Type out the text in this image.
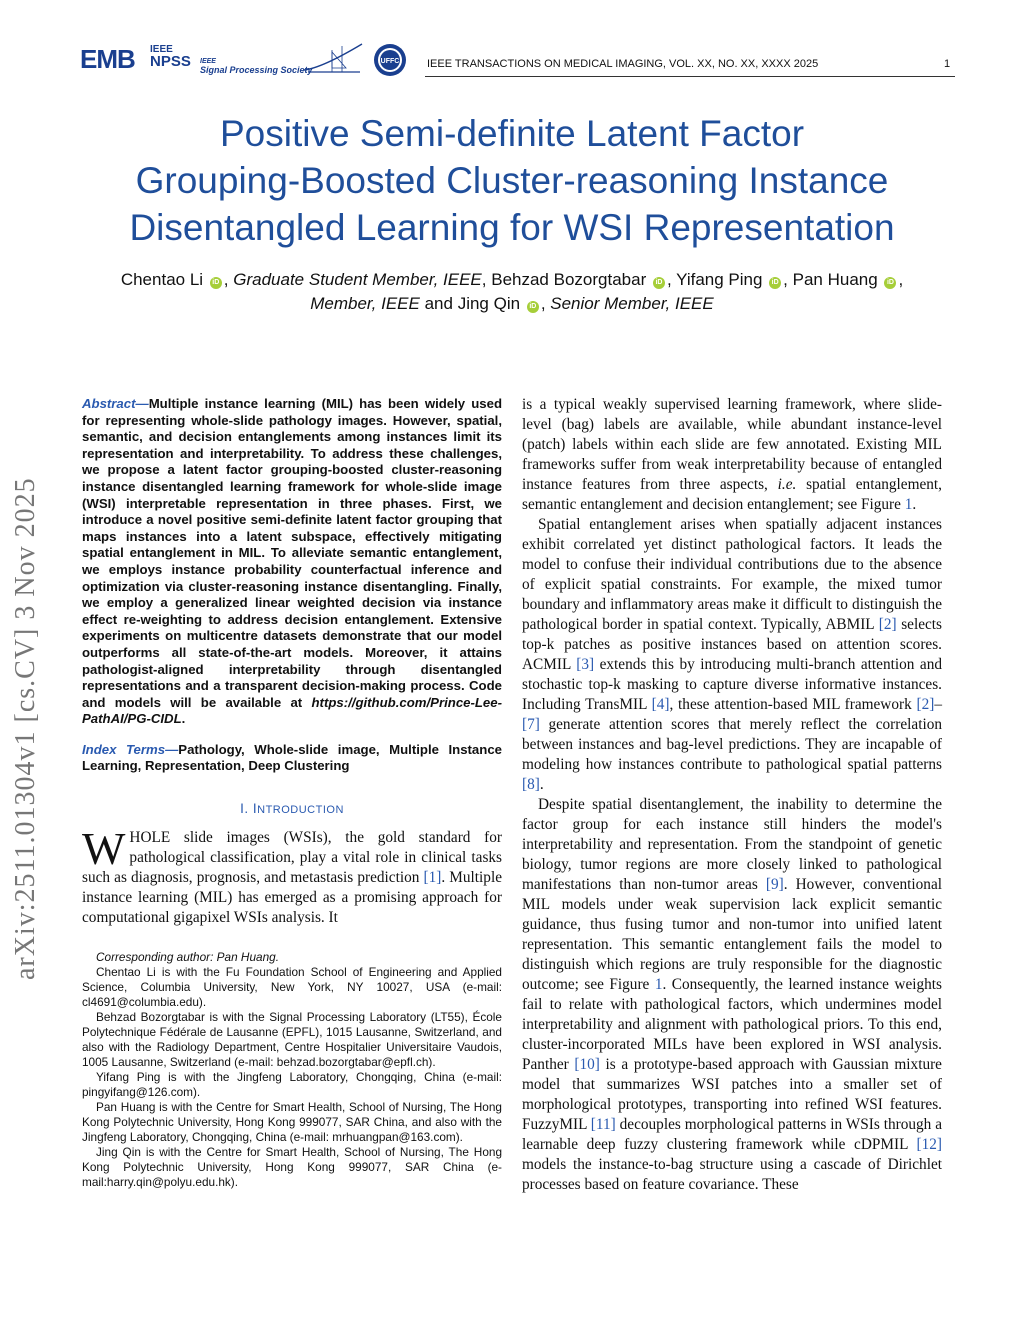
EMB IEEE
NPSS IEEE
Signal Processing Society
UFFC	IEEE TRANSACTIONS ON MEDICAL IMAGING, VOL. XX, NO. XX, XXXX 2025	1
Positive Semi-definite Latent Factor
Grouping-Boosted Cluster-reasoning Instance
Disentangled Learning for WSI Representation
Chentao Li iD , Graduate Student Member, IEEE, Behzad Bozorgtabar iD , Yifang Ping iD , Pan Huang iD ,
Member, IEEE and Jing Qin iD , Senior Member, IEEE
arXiv:2511.01304v1 [cs.CV] 3 Nov 2025
Abstract—Multiple instance learning (MIL) has been widely used for representing whole-slide pathology images. However, spatial, semantic, and decision entanglements among instances limit its representation and interpretability. To address these challenges, we propose a latent factor grouping-boosted cluster-reasoning instance disentangled learning framework for whole-slide image (WSI) interpretable representation in three phases. First, we introduce a novel positive semi-definite latent factor grouping that maps instances into a latent subspace, effectively mitigating spatial entanglement in MIL. To alleviate semantic entanglement, we employs instance probability counterfactual inference and optimization via cluster-reasoning instance disentangling. Finally, we employ a generalized linear weighted decision via instance effect re-weighting to address decision entanglement. Extensive experiments on multicentre datasets demonstrate that our model outperforms all state-of-the-art models. Moreover, it attains pathologist-aligned interpretability through disentangled representations and a transparent decision-making process. Code and models will be available at https://github.com/Prince-Lee-PathAI/PG-CIDL.
Index Terms—Pathology, Whole-slide image, Multiple Instance Learning, Representation, Deep Clustering
I. INTRODUCTION
WHOLE slide images (WSIs), the gold standard for pathological classification, play a vital role in clinical tasks such as diagnosis, prognosis, and metastasis prediction [1]. Multiple instance learning (MIL) has emerged as a promising approach for computational gigapixel WSIs analysis. It

Corresponding author: Pan Huang.

Chentao Li is with the Fu Foundation School of Engineering and Applied Science, Columbia University, New York, NY 10027, USA (e-mail: cl4691@columbia.edu).

Behzad Bozorgtabar is with the Signal Processing Laboratory (LT55), École Polytechnique Fédérale de Lausanne (EPFL), 1015 Lausanne, Switzerland, and also with the Radiology Department, Centre Hospitalier Universitaire Vaudois, 1005 Lausanne, Switzerland (e-mail: behzad.bozorgtabar@epfl.ch).

Yifang Ping is with the Jingfeng Laboratory, Chongqing, China (e-mail: pingyifang@126.com).

Pan Huang is with the Centre for Smart Health, School of Nursing, The Hong Kong Polytechnic University, Hong Kong 999077, SAR China, and also with the Jingfeng Laboratory, Chongqing, China (e-mail: mrhuangpan@163.com).

Jing Qin is with the Centre for Smart Health, School of Nursing, The Hong Kong Polytechnic University, Hong Kong 999077, SAR China (e-mail:harry.qin@polyu.edu.hk).

is a typical weakly supervised learning framework, where slide-level (bag) labels are available, while abundant instance-level (patch) labels within each slide are few annotated. Existing MIL frameworks suffer from weak interpretability because of entangled instance features from three aspects, i.e. spatial entanglement, semantic entanglement and decision entanglement; see Figure 1.

Spatial entanglement arises when spatially adjacent instances exhibit correlated yet distinct pathological factors. It leads the model to confuse their individual contributions due to the absence of explicit spatial constraints. For example, the mixed tumor boundary and inflammatory areas make it difficult to distinguish the pathological border in spatial context. Typically, ABMIL [2] selects top-k patches as positive instances based on attention scores. ACMIL [3] extends this by introducing multi-branch attention and stochastic top-k masking to capture diverse informative instances. Including TransMIL [4], these attention-based MIL framework [2]–[7] generate attention scores that merely reflect the correlation between instances and bag-level predictions. They are incapable of modeling how instances contribute to pathological spatial patterns [8].

Despite spatial disentanglement, the inability to determine the factor group for each instance still hinders the model's interpretability and representation. From the standpoint of genetic biology, tumor regions are more closely linked to pathological manifestations than non-tumor areas [9]. However, conventional MIL models under weak supervision lack explicit semantic guidance, thus fusing tumor and non-tumor into unified latent representation. This semantic entanglement fails the model to distinguish which regions are truly responsible for the diagnostic outcome; see Figure 1. Consequently, the learned instance weights fail to relate with pathological factors, which undermines model interpretability and alignment with pathological priors. To this end, cluster-incorporated MILs have been explored in WSI analysis. Panther [10] is a prototype-based approach with Gaussian mixture model that summarizes WSI patches into a smaller set of morphological prototypes, transporting into refined WSI features. FuzzyMIL [11] decouples morphological patterns in WSIs through a learnable deep fuzzy clustering framework while cDPMIL [12] models the instance-to-bag structure using a cascade of Dirichlet processes based on feature covariance. These
